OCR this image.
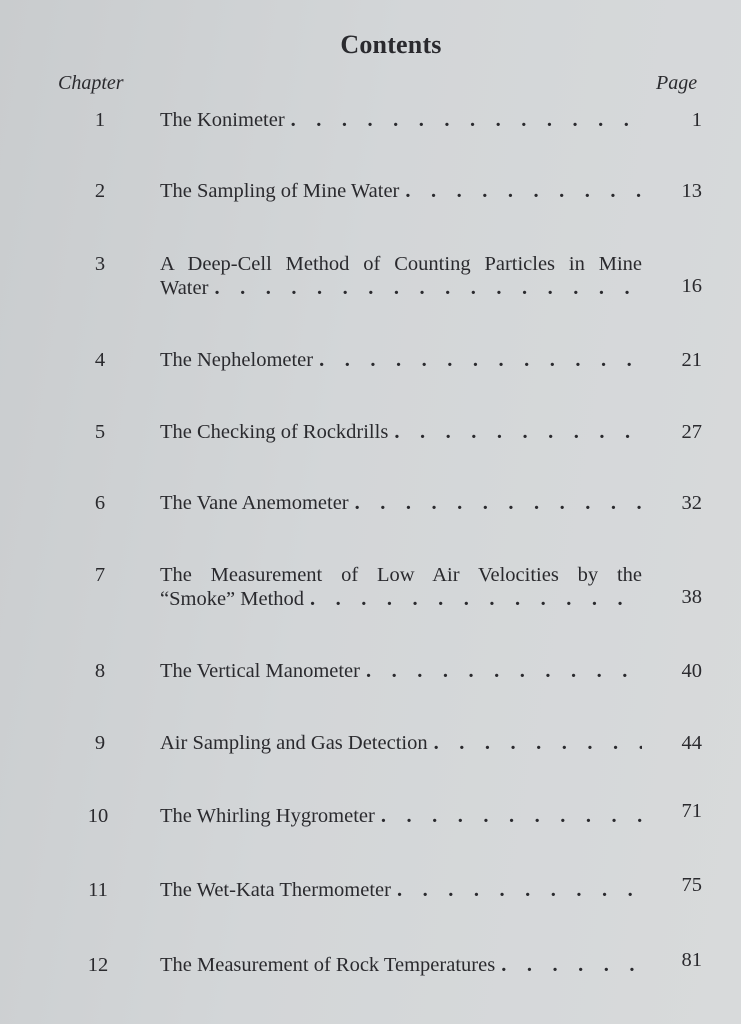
Contents
Chapter	Page
1	The Konimeter .	1
2	The Sampling of Mine Water .	13
3	A Deep-Cell Method of Counting Particles in Mine
Water .	16
4	The Nephelometer .	21
5	The Checking of Rockdrills .	27
6	The Vane Anemometer .	32
7	The Measurement of Low Air Velocities by the
“Smoke” Method .	38
8	The Vertical Manometer .	40
9	Air Sampling and Gas Detection .	44
10	The Whirling Hygrometer .	71
11	The Wet-Kata Thermometer .	75
12	The Measurement of Rock Temperatures .	81
